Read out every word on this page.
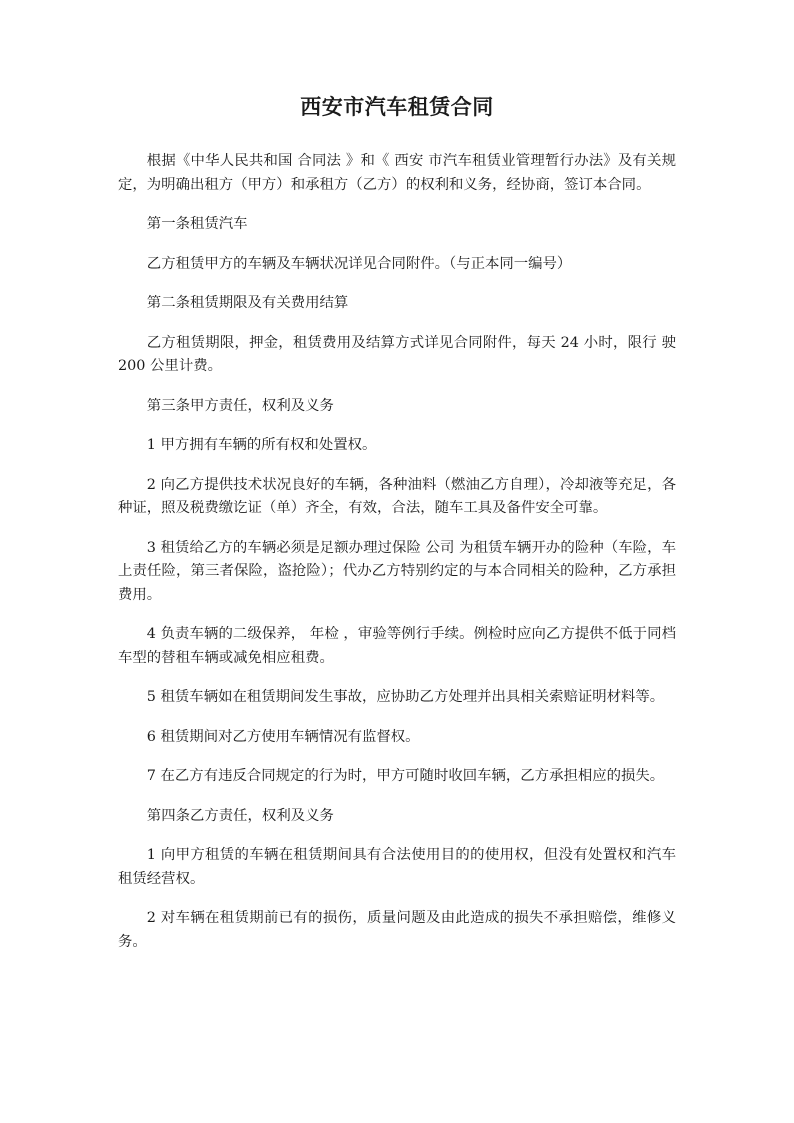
西安市汽车租赁合同

根据《中华人民共和国 合同法 》和《 西安 市汽车租赁业管理暂行办法》及有关规定，为明确出租方（甲方）和承租方（乙方）的权利和义务，经协商，签订本合同。

第一条租赁汽车

乙方租赁甲方的车辆及车辆状况详见合同附件。（与正本同一编号）

第二条租赁期限及有关费用结算

乙方租赁期限，押金，租赁费用及结算方式详见合同附件，每天 24 小时，限行 驶 200 公里计费。

第三条甲方责任，权利及义务

1 甲方拥有车辆的所有权和处置权。

2 向乙方提供技术状况良好的车辆，各种油料（燃油乙方自理），冷却液等充足，各种证，照及税费缴讫证（单）齐全，有效，合法，随车工具及备件安全可靠。

3 租赁给乙方的车辆必须是足额办理过保险 公司 为租赁车辆开办的险种（车险，车上责任险，第三者保险，盗抢险）；代办乙方特别约定的与本合同相关的险种，乙方承担费用。

4 负责车辆的二级保养， 年检 ，审验等例行手续。例检时应向乙方提供不低于同档车型的替租车辆或减免相应租费。

5 租赁车辆如在租赁期间发生事故，应协助乙方处理并出具相关索赔证明材料等。

6 租赁期间对乙方使用车辆情况有监督权。

7 在乙方有违反合同规定的行为时，甲方可随时收回车辆，乙方承担相应的损失。

第四条乙方责任，权利及义务

1 向甲方租赁的车辆在租赁期间具有合法使用目的的使用权，但没有处置权和汽车租赁经营权。

2 对车辆在租赁期前已有的损伤，质量问题及由此造成的损失不承担赔偿，维修义务。
